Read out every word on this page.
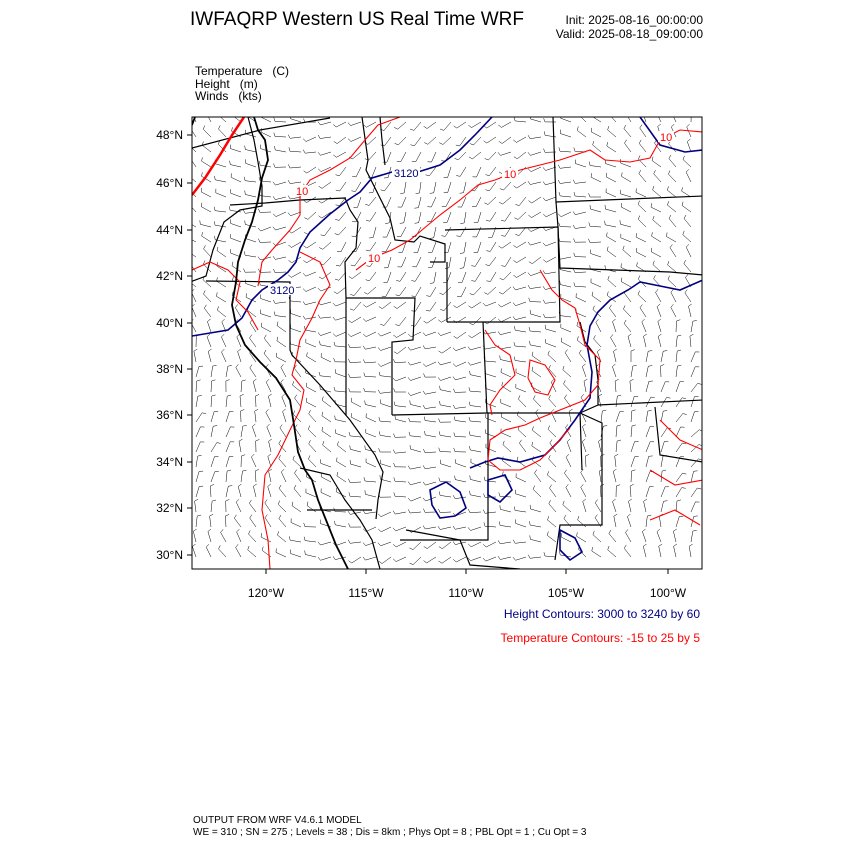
IWFAQRP Western US Real Time WRF	Init: 2025-08-16_00:00:00
Valid: 2025-08-18_09:00:00
Temperature (C)
Height (m)
Winds (kts)
48°N
46°N
44°N
42°N
40°N
38°N
36°N
34°N
32°N
30°N
120°W	115°W	110°W	105°W	100°W
3120
3120
10
10
10
10
Height Contours: 3000 to 3240 by 60
Temperature Contours: -15 to 25 by 5
OUTPUT FROM WRF V4.6.1 MODEL
WE = 310 ; SN = 275 ; Levels = 38 ; Dis = 8km ; Phys Opt = 8 ; PBL Opt = 1 ; Cu Opt = 3
